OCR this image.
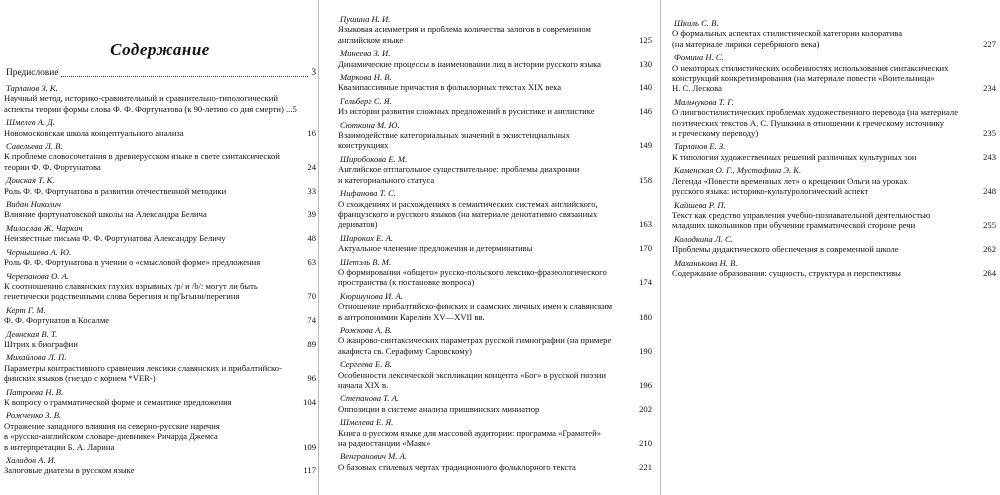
Содержание
Предисловие	3
Тарланов З. К.
Научный метод, историко-сравнительный и сравнительно-типологический
аспекты теории формы слова Ф. Ф. Фортунатова (к 90-летию со дня смерти) ...5
Шмелев А. Д.
Новомосковская школа концептуального анализа	16
Савельева Л. В.
К проблеме словосочетания в древнерусском языке в свете синтаксической
теории Ф. Ф. Фортунатова	24
Донская Т. К.
Роль Ф. Ф. Фортунатова в развитии отечественной методики	33
Видан Николич
Влияние фортунатовской школы на Александра Белича	39
Милослав Ж. Чаркич
Неизвестные письма Ф. Ф. Фортунатова Александру Беличу	48
Чернышева А. Ю.
Роль Ф. Ф. Фортунатова в учении о «смысловой форме» предложения	63
Черепанова О. А.
К соотношению славянских глухих взрывных /p/ и /b/: могут ли быть
генетически родственными слова берегиня и прЪгыни/перегиня	70
Керт Г. М.
Ф. Ф. Фортунатов в Косалме	74
Девнская В. Т.
Штрих к биографии	89
Михайлова Л. П.
Параметры контрастивного сравнения лексики славянских и прибалтийско-
финских языков (гнездо с корнем *VER-)	96
Патроева Н. В.
К вопросу о грамматической форме и семантике предложения	104
Рожченко З. В.
Отражение западного влияния на северно-русские наречия
в «русско-английском словаре-дневнике» Ричарда Джемса
в интерпретации Б. А. Ларина	109
Халидов А. И.
Залоговые диатезы в русском языке	117
Пушина Н. И.
Языковая асимметрия и проблема количества залогов в современном
английском языке	125
Минеева З. И.
Динамические процессы в наименовании лиц в истории русского языка	130
Маркова Н. В.
Квазипассивные причастия в фольклорных текстах XIX века	140
Гельберг С. Я.
Из истории развития сложных предложений в русистике и англистике	146
Сюткина М. Ю.
Взаимодействие категориальных значений в экзистенциальных
конструкциях	149
Широбокова Е. М.
Английское отглагольное существительное: проблемы диахронии
и категориального статуса	158
Нифанова Т. С.
О схождениях и расхождениях в семантических системах английского,
французского и русского языков (на материале денотативно связанных
дериватов)	163
Широких Е. А.
Актуальное членение предложения и детерминативы	170
Шетэль В. М.
О формировании «общего» русско-польского лексико-фразеологического
пространства (к постановке вопроса)	174
Кюршунова И. А.
Отношение прибалтийско-финских и саамских личных имен к славянским
в антропонимии Карелии XV—XVII вв.	180
Рожкова А. В.
О жанрово-синтаксических параметрах русской гимнографии (на примере
акафиста св. Серафиму Саровскому)	190
Сергеева Е. В.
Особенности лексической экспликации концепта «Бог» в русской поэзии
начала XIX в.	196
Степанова Т. А.
Оппозиции в системе анализа пришвинских миниатюр	202
Шмелева Е. Я.
Книга о русском языке для массовой аудитории: программа «Грамотей»
на радиостанции «Маяк»	210
Венгранович М. А.
О базовых стилевых чертах традиционного фольклорного текста	221
Шкиль С. В.
О формальных аспектах стилистической категории колоратива
(на материале лирики серебряного века)	227
Фомина Н. С.
О некоторых стилистических особенностях использования синтаксических
конструкций конкретизирования (на материале повести «Воительница»
Н. С. Лескова	234
Мальчукова Т. Г.
О лингвостилистических проблемах художественного перевода (на материале
поэтических текстов А. С. Пушкина в отношении к греческому источнику
и греческому переводу)	235
Тарланов Е. З.
К типологии художественных решений различных культурных зон	243
Каменская О. Г., Мустафина Э. К.
Легенда «Повести временных лет» о крещении Ольги на уроках
русского языка: историко-культурологический аспект	248
Кайшева Р. П.
Текст как средство управления учебно-познавательной деятельностью
младших школьников при обучении грамматической стороне речи	255
Колодкина Л. С.
Проблемы дидактического обеспечения в современной школе	262
Маханькова Н. В.
Содержание образования: сущность, структура и перспективы	264
